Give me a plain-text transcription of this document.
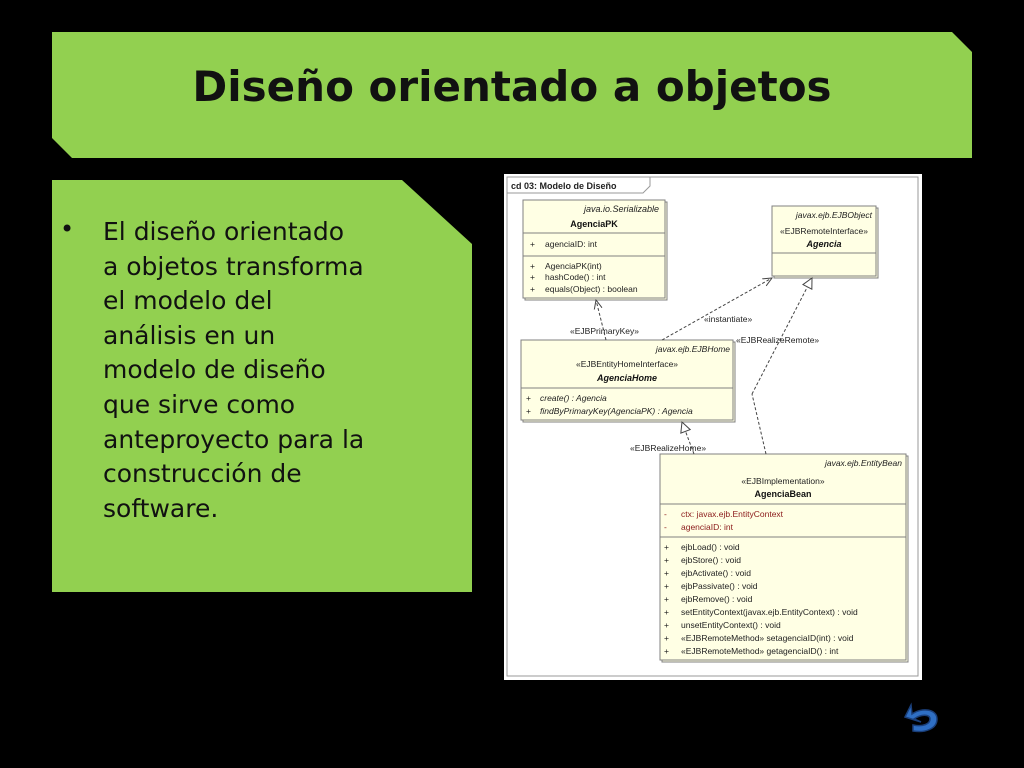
Diseño orientado a objetos
• El diseño orientado
a objetos transforma
el modelo del
análisis en un
modelo de diseño
que sirve como
anteproyecto para la
construcción de
software.
cd 03: Modelo de Diseño
java.io.Serializable
AgenciaPK
+ agenciaID: int
+ AgenciaPK(int)
+ hashCode() : int
+ equals(Object) : boolean
javax.ejb.EJBObject
«EJBRemoteInterface»
Agencia
javax.ejb.EJBHome
«EJBEntityHomeInterface»
AgenciaHome
+ create() : Agencia
+ findByPrimaryKey(AgenciaPK) : Agencia
javax.ejb.EntityBean
«EJBImplementation»
AgenciaBean
- ctx: javax.ejb.EntityContext
- agenciaID: int
+ ejbLoad() : void
+ ejbStore() : void
+ ejbActivate() : void
+ ejbPassivate() : void
+ ejbRemove() : void
+ setEntityContext(javax.ejb.EntityContext) : void
+ unsetEntityContext() : void
+ «EJBRemoteMethod» setagenciaID(int) : void
+ «EJBRemoteMethod» getagenciaID() : int
«EJBPrimaryKey»
«instantiate»
«EJBRealizeRemote»
«EJBRealizeHome»
